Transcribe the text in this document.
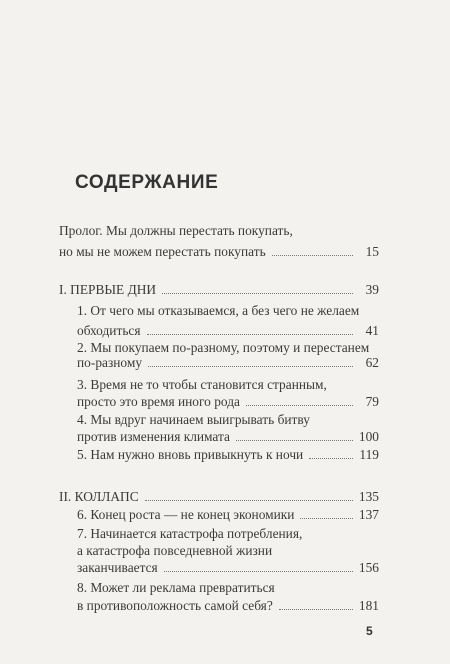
СОДЕРЖАНИЕ
Пролог. Мы должны перестать покупать,
но мы не можем перестать покупать	15
I. ПЕРВЫЕ ДНИ	39
1. От чего мы отказываемся, а без чего не желаем
обходиться	41
2. Мы покупаем по-разному, поэтому и перестанем
по-разному	62
3. Время не то чтобы становится странным,
просто это время иного рода	79
4. Мы вдруг начинаем выигрывать битву
против изменения климата	100
5. Нам нужно вновь привыкнуть к ночи	119
II. КОЛЛАПС	135
6. Конец роста — не конец экономики	137
7. Начинается катастрофа потребления,
а катастрофа повседневной жизни
заканчивается	156
8. Может ли реклама превратиться
в противоположность самой себя?	181
5
